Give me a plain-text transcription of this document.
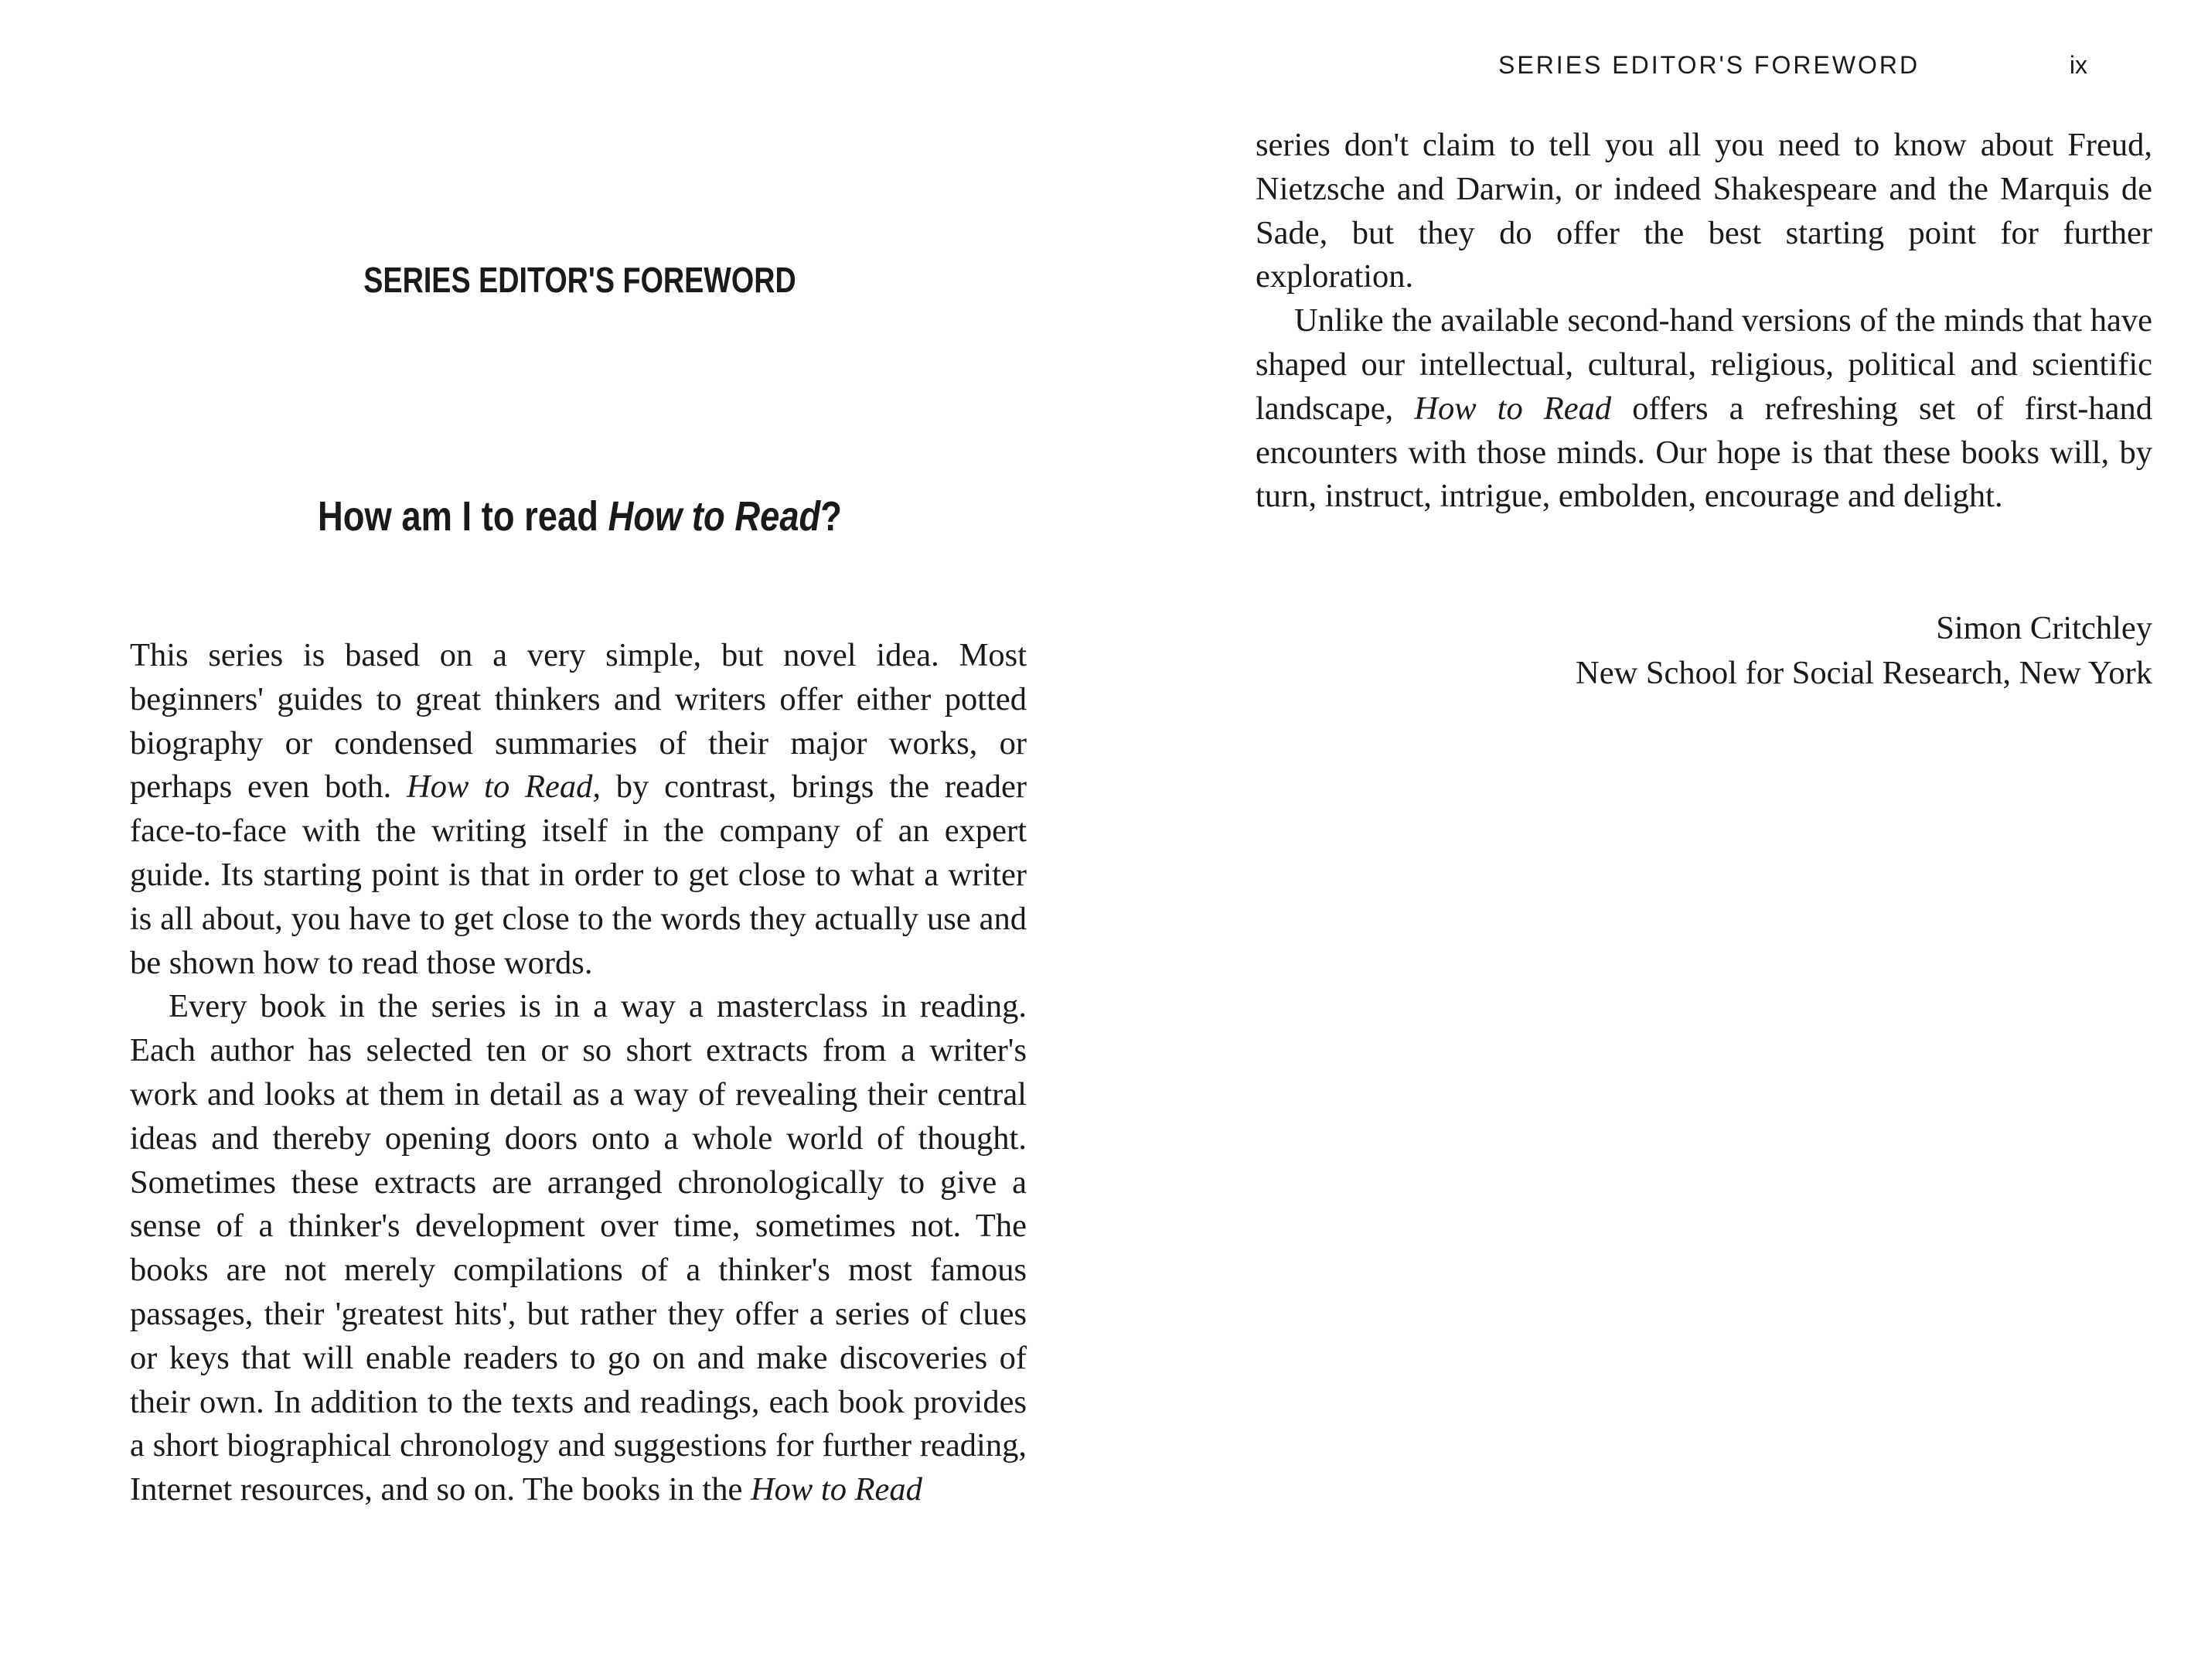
SERIES EDITOR'S FOREWORD
How am I to read How to Read?

This series is based on a very simple, but novel idea. Most beginners' guides to great thinkers and writers offer either potted biography or condensed summaries of their major works, or perhaps even both. How to Read, by contrast, brings the reader face-to-face with the writing itself in the company of an expert guide. Its starting point is that in order to get close to what a writer is all about, you have to get close to the words they actually use and be shown how to read those words.

Every book in the series is in a way a masterclass in reading. Each author has selected ten or so short extracts from a writer's work and looks at them in detail as a way of revealing their central ideas and thereby opening doors onto a whole world of thought. Sometimes these extracts are arranged chronologically to give a sense of a thinker's development over time, sometimes not. The books are not merely compilations of a thinker's most famous passages, their 'greatest hits', but rather they offer a series of clues or keys that will enable readers to go on and make discoveries of their own. In addition to the texts and readings, each book provides a short biographical chronology and suggestions for further reading, Internet resources, and so on. The books in the How to Read

SERIES EDITOR'S FOREWORD	ix

series don't claim to tell you all you need to know about Freud, Nietzsche and Darwin, or indeed Shakespeare and the Marquis de Sade, but they do offer the best starting point for further exploration.

Unlike the available second-hand versions of the minds that have shaped our intellectual, cultural, religious, political and scientific landscape, How to Read offers a refreshing set of first-hand encounters with those minds. Our hope is that these books will, by turn, instruct, intrigue, embolden, encourage and delight.

Simon Critchley
New School for Social Research, New York
